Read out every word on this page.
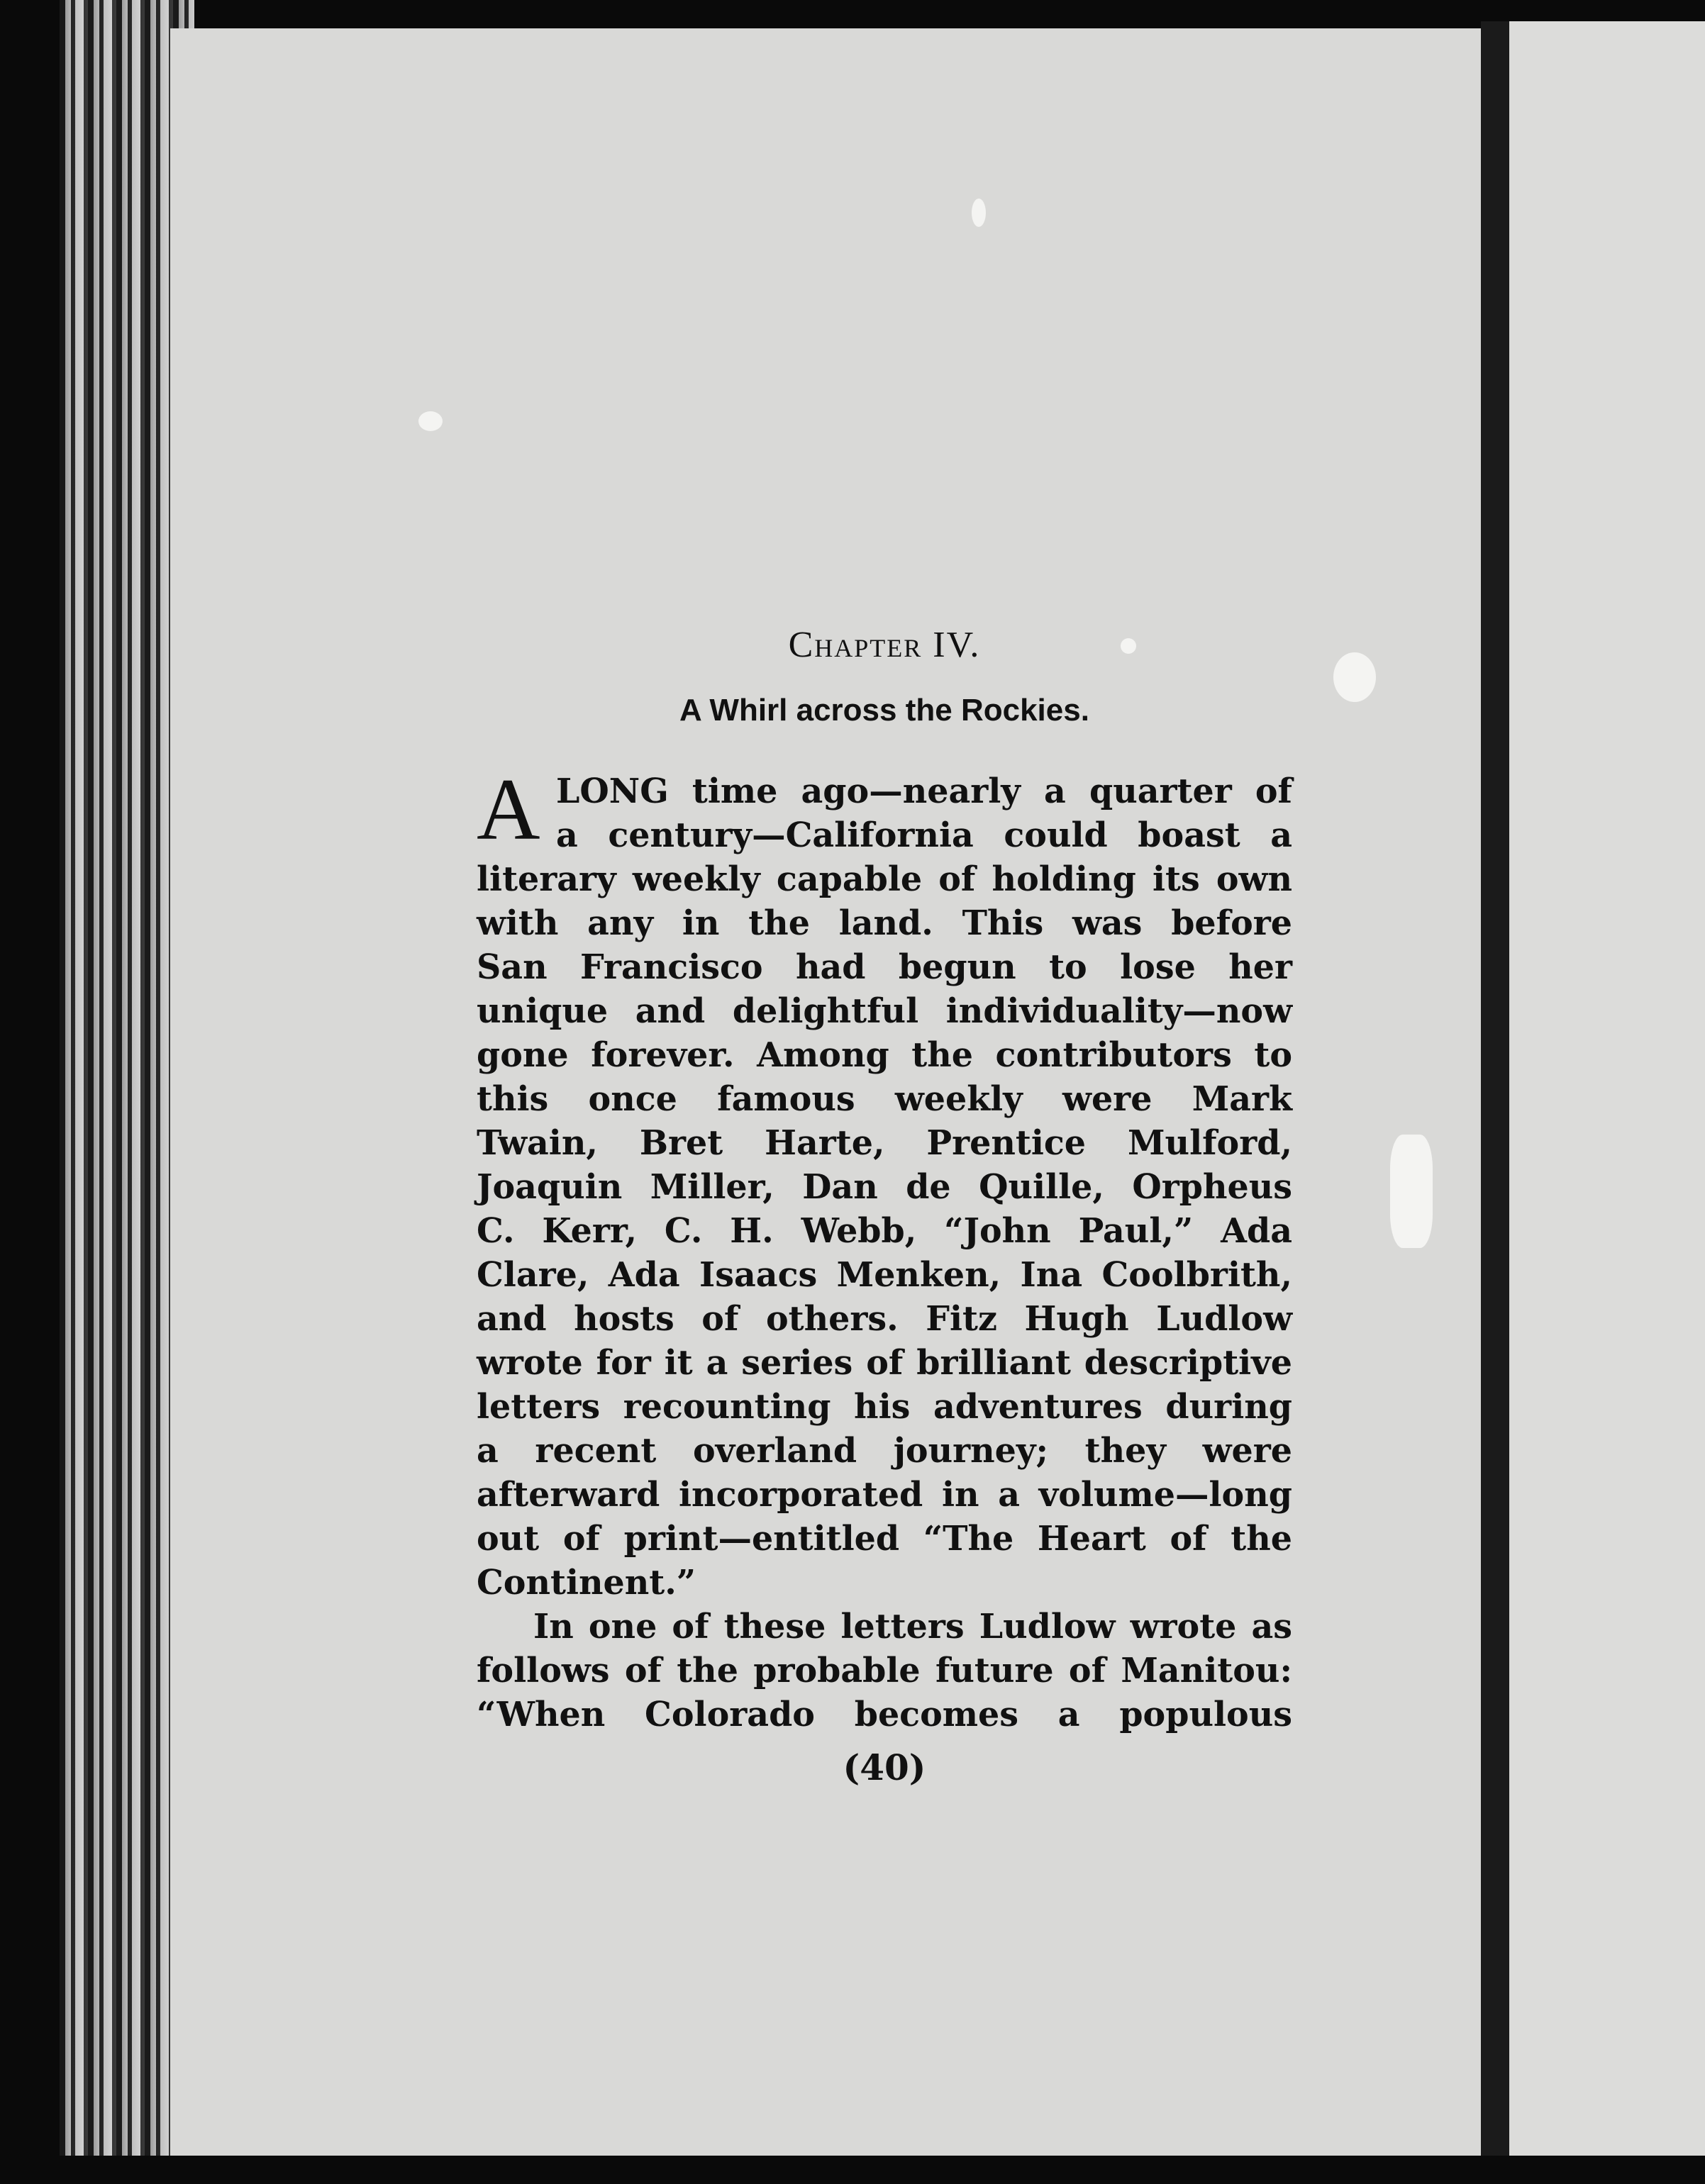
Chapter IV.
A Whirl across the Rockies.
A LONG time ago—nearly a quarter of
a century—California could boast a
literary weekly capable of holding its own
with any in the land. This was before
San Francisco had begun to lose her
unique and delightful individuality—now
gone forever. Among the contributors to
this once famous weekly were Mark
Twain, Bret Harte, Prentice Mulford,
Joaquin Miller, Dan de Quille, Orpheus
C. Kerr, C. H. Webb, “John Paul,” Ada
Clare, Ada Isaacs Menken, Ina Coolbrith,
and hosts of others. Fitz Hugh Ludlow
wrote for it a series of brilliant descriptive
letters recounting his adventures during
a recent overland journey; they were
afterward incorporated in a volume—long
out of print—entitled “The Heart of the
Continent.”
In one of these letters Ludlow wrote as
follows of the probable future of Manitou:
“When Colorado becomes a populous
(40)
